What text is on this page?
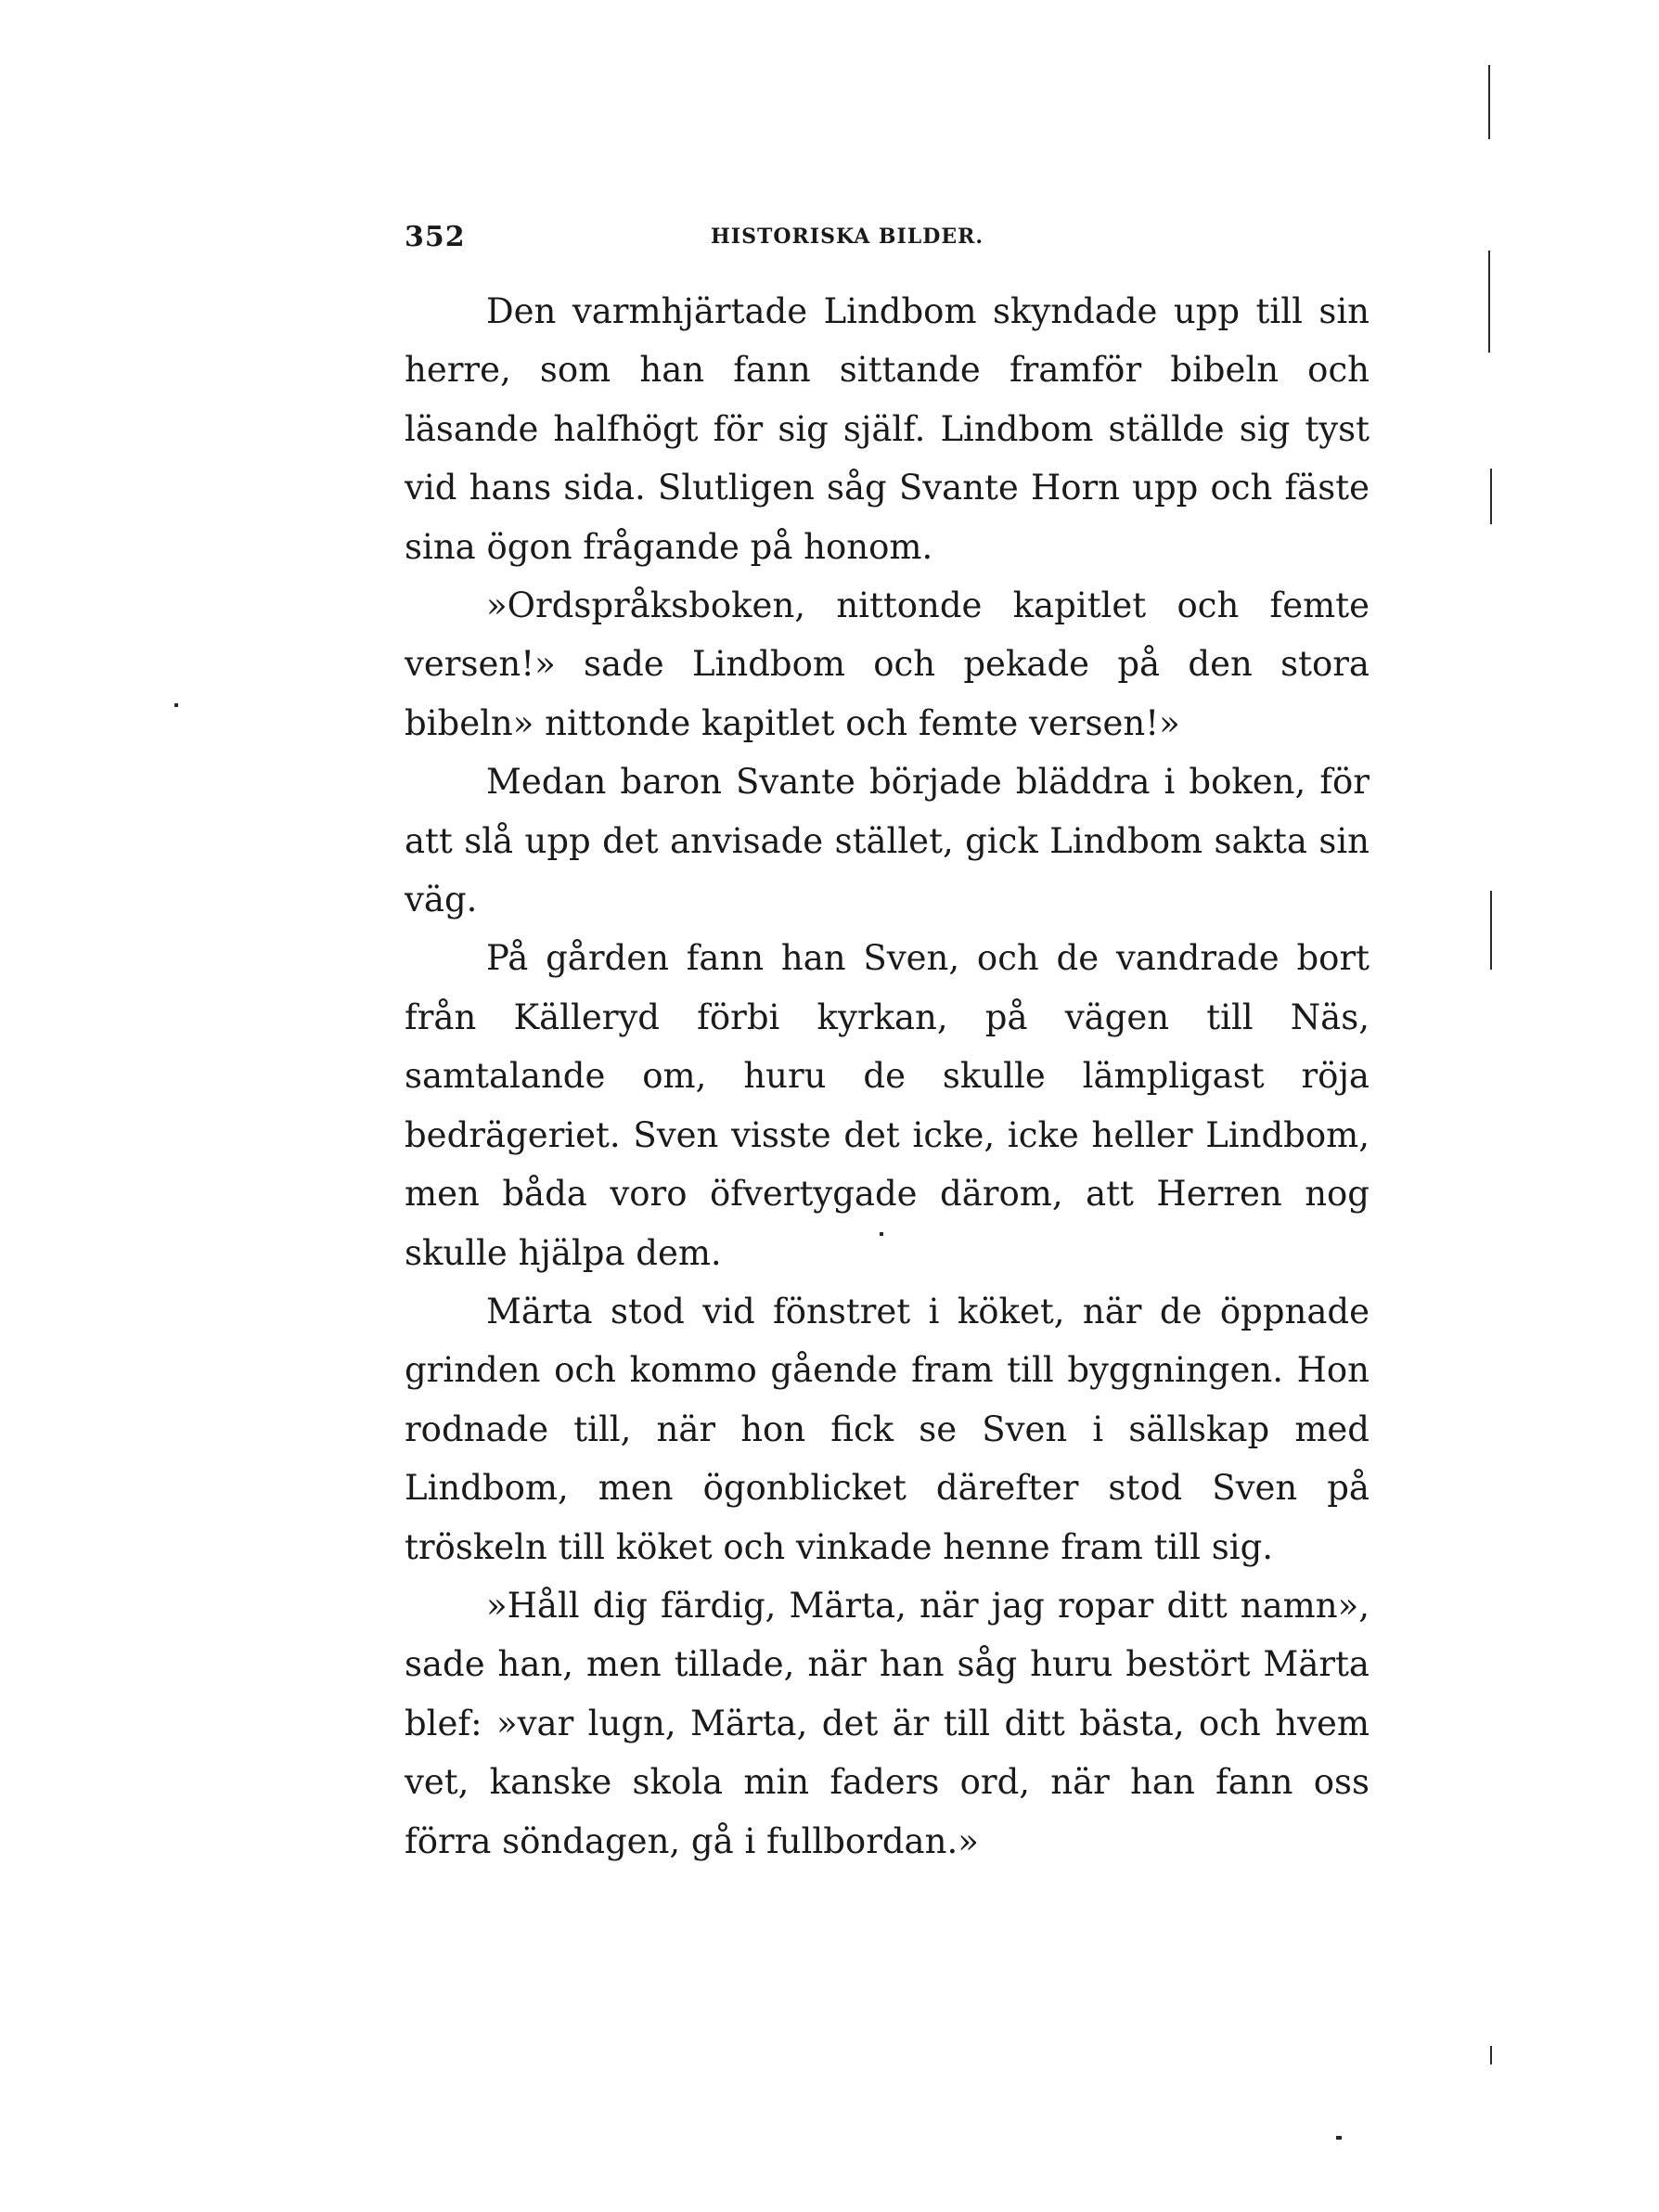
352	HISTORISKA BILDER.

Den varmhjärtade Lindbom skyndade upp till sin herre, som han fann sittande framför bibeln och läsande halfhögt för sig själf. Lindbom ställde sig tyst vid hans sida. Slutligen såg Svante Horn upp och fäste sina ögon frågande på honom.

»Ordspråksboken, nittonde kapitlet och femte versen!» sade Lindbom och pekade på den stora bibeln» nittonde kapitlet och femte versen!»

Medan baron Svante började bläddra i boken, för att slå upp det anvisade stället, gick Lindbom sakta sin väg.

På gården fann han Sven, och de vandrade bort från Källeryd förbi kyrkan, på vägen till Näs, samtalande om, huru de skulle lämpligast röja bedrägeriet. Sven visste det icke, icke heller Lindbom, men båda voro öfvertygade därom, att Herren nog skulle hjälpa dem.

Märta stod vid fönstret i köket, när de öppnade grinden och kommo gående fram till byggningen. Hon rodnade till, när hon fick se Sven i sällskap med Lindbom, men ögonblicket därefter stod Sven på tröskeln till köket och vinkade henne fram till sig.

»Håll dig färdig, Märta, när jag ropar ditt namn», sade han, men tillade, när han såg huru bestört Märta blef: »var lugn, Märta, det är till ditt bästa, och hvem vet, kanske skola min faders ord, när han fann oss förra söndagen, gå i fullbordan.»
